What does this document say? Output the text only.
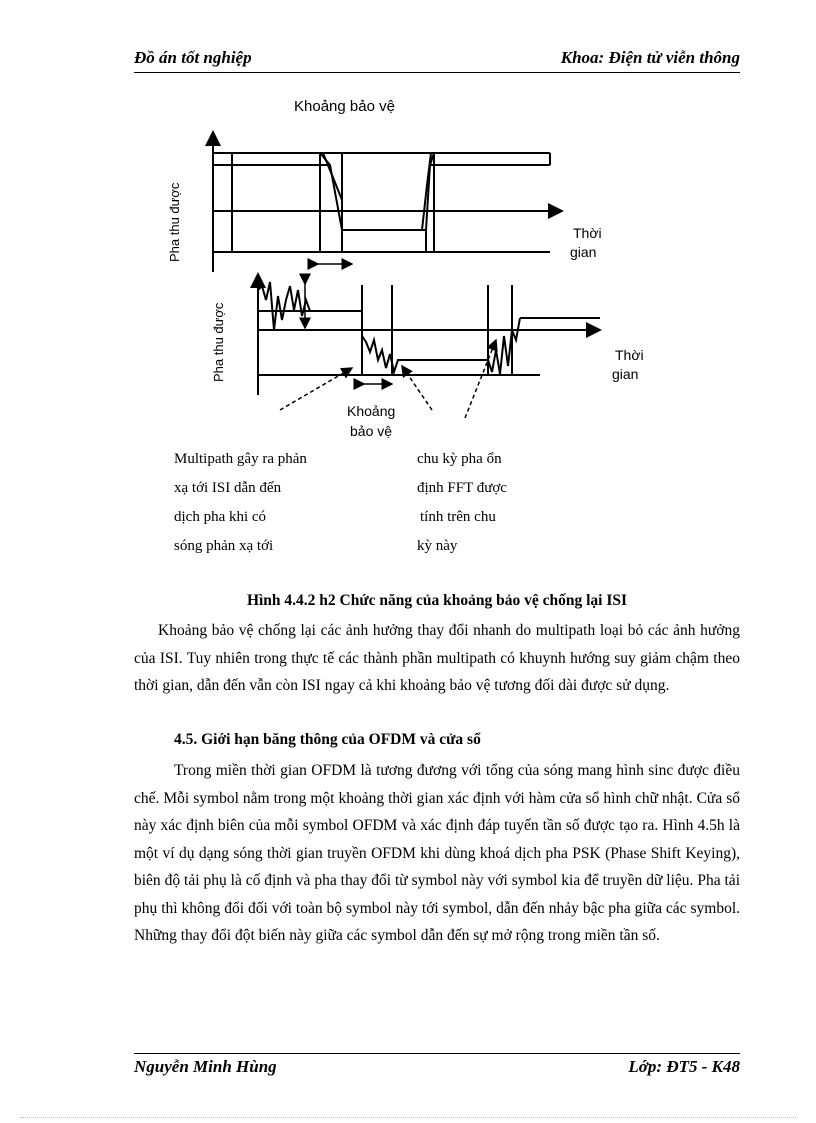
Đồ án tốt nghiệp	Khoa: Điện tử viễn thông
Khoảng bảo vệ
Pha thu được	Thời
gian
Pha thu được	Thời
gian
Khoảng
bảo vệ
Multipath gây ra phản
xạ tới ISI dẫn đến
dịch pha khi có
sóng phản xạ tới
chu kỳ pha ổn
định FFT được
tính trên chu
kỳ này
Hình 4.4.2 h2 Chức năng của khoảng bảo vệ chống lại ISI

Khoảng bảo vệ chống lại các ảnh hưởng thay đổi nhanh do multipath loại bỏ các ảnh hưởng của ISI. Tuy nhiên trong thực tế các thành phần multipath có khuynh hướng suy giảm chậm theo thời gian, dẫn đến vẫn còn ISI ngay cả khi khoảng bảo vệ tương đối dài được sử dụng.

4.5. Giới hạn băng thông của OFDM và cửa sổ

Trong miền thời gian OFDM là tương đương với tổng của sóng mang hình sinc được điều chế. Mỗi symbol nằm trong một khoảng thời gian xác định với hàm cửa sổ hình chữ nhật. Cửa sổ này xác định biên của mỗi symbol OFDM và xác định đáp tuyến tần số được tạo ra. Hình 4.5h là một ví dụ dạng sóng thời gian truyền OFDM khi dùng khoá dịch pha PSK (Phase Shift Keying), biên độ tải phụ là cố định và pha thay đổi từ symbol này với symbol kia để truyền dữ liệu. Pha tải phụ thì không đổi đối với toàn bộ symbol này tới symbol, dẫn đến nhảy bậc pha giữa các symbol. Những thay đổi đột biến này giữa các symbol dẫn đến sự mở rộng trong miền tần số.

Nguyễn Minh Hùng	Lớp: ĐT5 - K48
